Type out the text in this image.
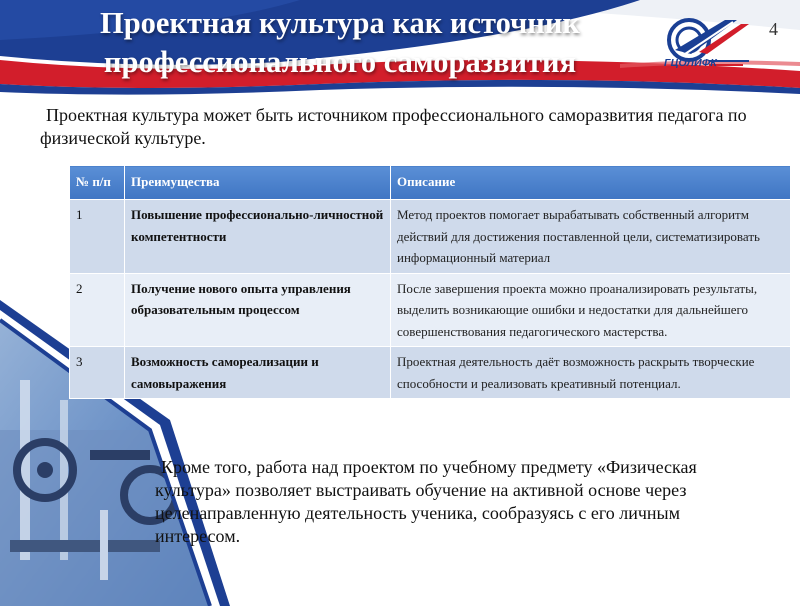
Проектная культура как источник
профессионального саморазвития
4
ГЦОЛИФК

Проектная культура может быть источником профессионального саморазвития педагога по физической культуре.

№ п/п	Преимущества	Описание
1	Повышение профессионально-личностной компетентности	Метод проектов помогает вырабатывать собственный алгоритм действий для достижения поставленной цели, систематизировать информационный материал
2	Получение нового опыта управления образовательным процессом	После завершения проекта можно проанализировать результаты, выделить возникающие ошибки и недостатки для дальнейшего совершенствования педагогического мастерства.
3	Возможность самореализации и самовыражения	Проектная деятельность даёт возможность раскрыть творческие способности и реализовать креативный потенциал.

Кроме того, работа над проектом по учебному предмету «Физическая культура» позволяет выстраивать обучение на активной основе через целенаправленную деятельность ученика, сообразуясь с его личным интересом.
